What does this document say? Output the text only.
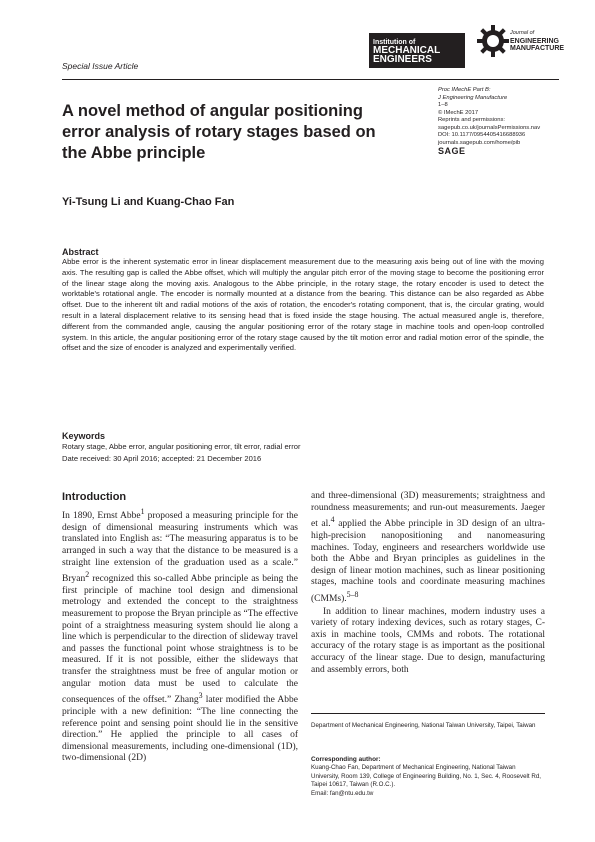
Special Issue Article
Institution of
MECHANICAL
ENGINEERS
Journal of
ENGINEERING
MANUFACTURE
A novel method of angular positioning error analysis of rotary stages based on the Abbe principle
Proc IMechE Part B:
J Engineering Manufacture
1–8
© IMechE 2017
Reprints and permissions:
sagepub.co.uk/journalsPermissions.nav
DOI: 10.1177/0954405416688936
journals.sagepub.com/home/pib
SAGE
Yi-Tsung Li and Kuang-Chao Fan
Abstract
Abbe error is the inherent systematic error in linear displacement measurement due to the measuring axis being out of line with the moving axis. The resulting gap is called the Abbe offset, which will multiply the angular pitch error of the moving stage to become the positioning error of the linear stage along the moving axis. Analogous to the Abbe principle, in the rotary stage, the rotary encoder is used to detect the worktable's rotational angle. The encoder is normally mounted at a distance from the bearing. This distance can be also regarded as Abbe offset. Due to the inherent tilt and radial motions of the axis of rotation, the encoder's rotating component, that is, the circular grating, would result in a lateral displacement relative to its sensing head that is fixed inside the stage housing. The actual measured angle is, therefore, different from the commanded angle, causing the angular positioning error of the rotary stage in machine tools and open-loop controlled system. In this article, the angular positioning error of the rotary stage caused by the tilt motion error and radial motion error of the spindle, the offset and the size of encoder is analyzed and experimentally verified.
Keywords
Rotary stage, Abbe error, angular positioning error, tilt error, radial error
Date received: 30 April 2016; accepted: 21 December 2016
Introduction

In 1890, Ernst Abbe$^1$ proposed a measuring principle for the design of dimensional measuring instruments which was translated into English as: “The measuring apparatus is to be arranged in such a way that the distance to be measured is a straight line extension of the graduation used as a scale.” Bryan$^2$ recognized this so-called Abbe principle as being the first principle of machine tool design and dimensional metrology and extended the concept to the straightness measurement to propose the Bryan principle as “The effective point of a straightness measuring system should lie along a line which is perpendicular to the direction of slideway travel and passes the functional point whose straightness is to be measured. If it is not possible, either the slideways that transfer the straightness must be free of angular motion or angular motion data must be used to calculate the consequences of the offset.” Zhang$^3$ later modified the Abbe principle with a new definition: “The line connecting the reference point and sensing point should lie in the sensitive direction.” He applied the principle to all cases of dimensional measurements, including one-dimensional (1D), two-dimensional (2D)

and three-dimensional (3D) measurements; straightness and roundness measurements; and run-out measurements. Jaeger et al.$^4$ applied the Abbe principle in 3D design of an ultra-high-precision nanopositioning and nanomeasuring machines. Today, engineers and researchers worldwide use both the Abbe and Bryan principles as guidelines in the design of linear motion machines, such as linear positioning stages, machine tools and coordinate measuring machines (CMMs).$^{5-8}$

In addition to linear machines, modern industry uses a variety of rotary indexing devices, such as rotary stages, C-axis in machine tools, CMMs and robots. The rotational accuracy of the rotary stage is as important as the positional accuracy of the linear stage. Due to design, manufacturing and assembly errors, both

Department of Mechanical Engineering, National Taiwan University, Taipei, Taiwan
Corresponding author:
Kuang-Chao Fan, Department of Mechanical Engineering, National Taiwan University, Room 139, College of Engineering Building, No. 1, Sec. 4, Roosevelt Rd, Taipei 10617, Taiwan (R.O.C.).
Email: fan@ntu.edu.tw
